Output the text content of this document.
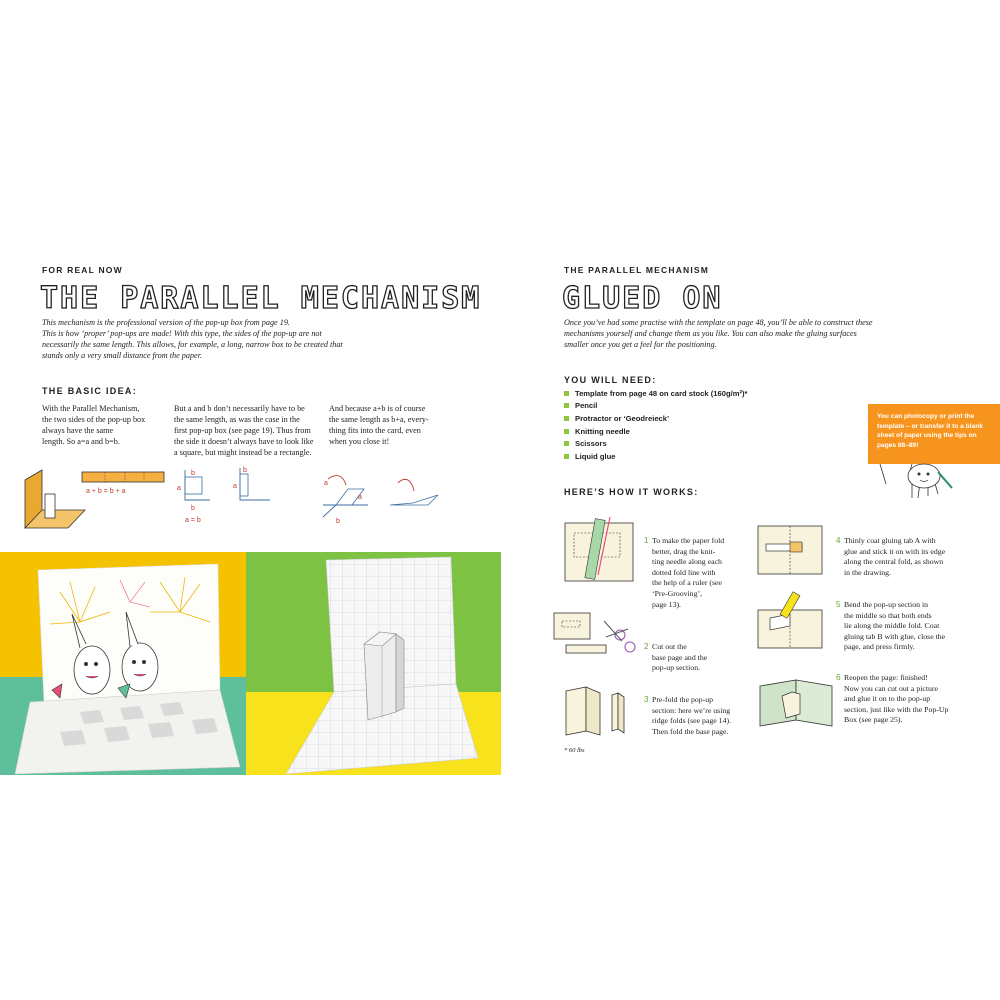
FOR REAL NOW
THE PARALLEL MECHANISM
This mechanism is the professional version of the pop-up box from page 19.
This is how ‘proper’ pop-ups are made! With this type, the sides of the pop-up are not
necessarily the same length. This allows, for example, a long, narrow box to be created that
stands only a very small distance from the paper.
THE BASIC IDEA:
With the Parallel Mechanism,
the two sides of the pop-up box
always have the same
length. So a=a and b=b.
But a and b don’t necessarily have to be
the same length, as was the case in the
first pop-up box (see page 19). Thus from
the side it doesn’t always have to look like
a square, but might instead be a rectangle.
And because a+b is of course
the same length as b+a, every-
thing fits into the card, even
when you close it!
a + b = b + a	a
b
b
a = b
a
b
a
a
b
THE PARALLEL MECHANISM
GLUED ON
Once you’ve had some practise with the template on page 48, you’ll be able to construct these
mechanisms yourself and change them as you like. You can also make the gluing surfaces
smaller once you get a feel for the positioning.
YOU WILL NEED:
Template from page 48 on card stock (160g/m²)*
Pencil
Protractor or ‘Geodreieck’
Knitting needle
Scissors
Liquid glue
You can photocopy or print the
template – or transfer it to a blank
sheet of paper using the tips on
pages 88–89!
HERE’S HOW IT WORKS:
1 To make the paper fold
better, drag the knit-
ting needle along each
dotted fold line with
the help of a ruler (see
‘Pre-Grooving’,
page 13).
2 Cut out the
base page and the
pop-up section.
3 Pre-fold the pop-up
section: here we’re using
ridge folds (see page 14).
Then fold the base page.
4 Thinly coat gluing tab A with
glue and stick it on with its edge
along the central fold, as shown
in the drawing.
5 Bend the pop-up section in
the middle so that both ends
lie along the middle fold. Coat
gluing tab B with glue, close the
page, and press firmly.
6 Reopen the page: finished!
Now you can cut out a picture
and glue it on to the pop-up
section, just like with the Pop-Up
Box (see page 25).
* 60 lbs
